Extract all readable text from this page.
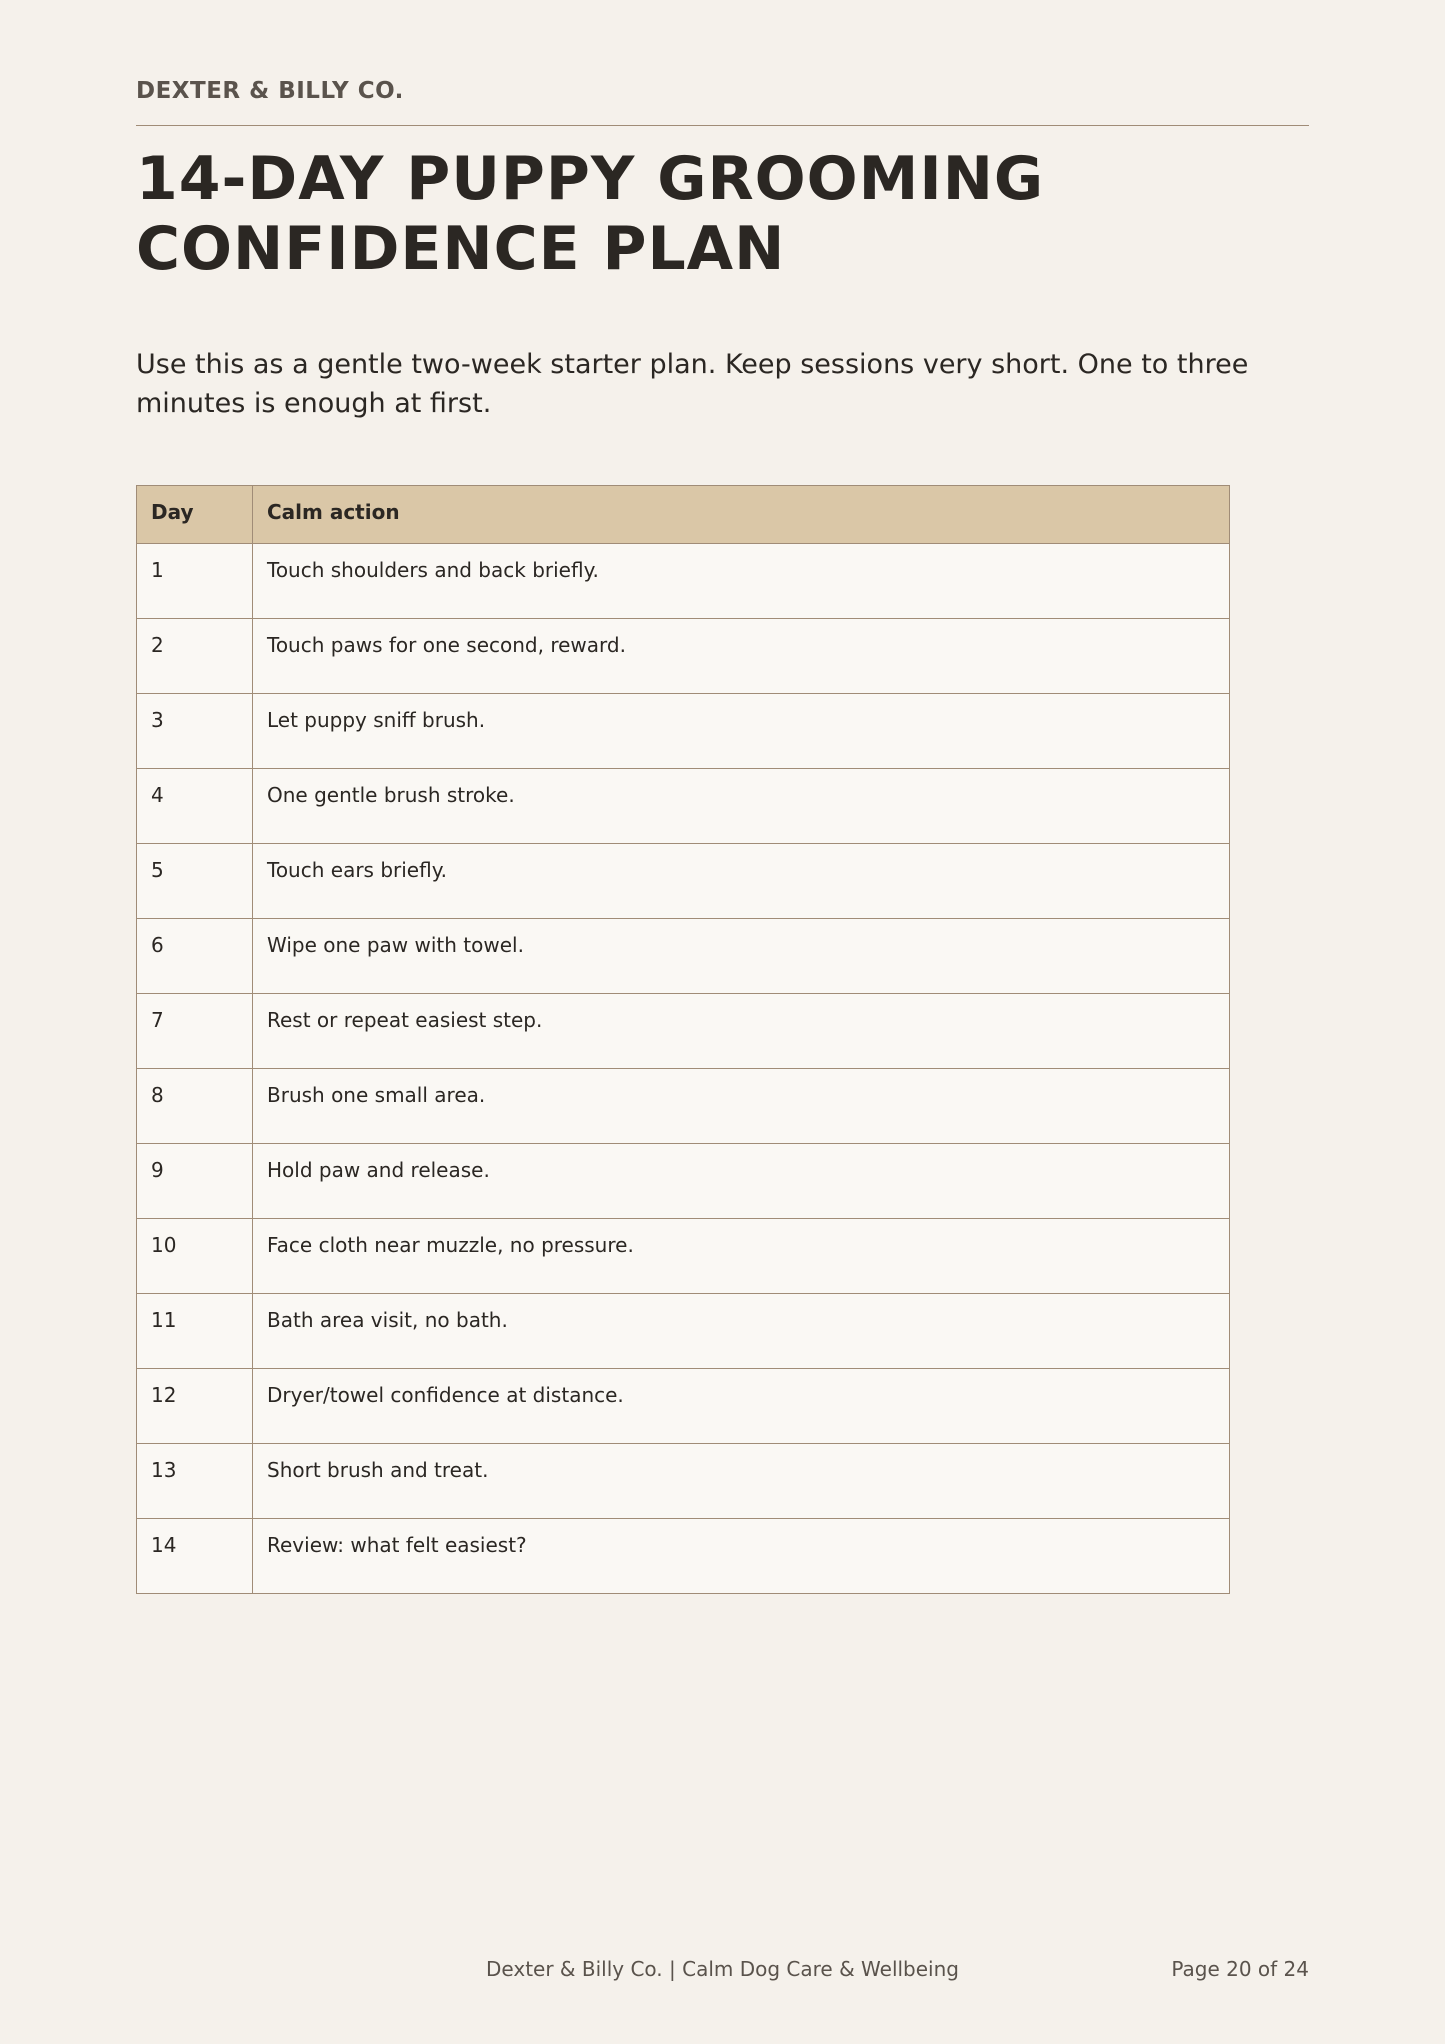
DEXTER & BILLY CO.
14-DAY PUPPY GROOMING
CONFIDENCE PLAN

Use this as a gentle two-week starter plan. Keep sessions very short. One to three minutes is enough at first.

Day	Calm action
1	Touch shoulders and back briefly.
2	Touch paws for one second, reward.
3	Let puppy sniff brush.
4	One gentle brush stroke.
5	Touch ears briefly.
6	Wipe one paw with towel.
7	Rest or repeat easiest step.
8	Brush one small area.
9	Hold paw and release.
10	Face cloth near muzzle, no pressure.
11	Bath area visit, no bath.
12	Dryer/towel confidence at distance.
13	Short brush and treat.
14	Review: what felt easiest?
Dexter & Billy Co. | Calm Dog Care & Wellbeing	Page 20 of 24
